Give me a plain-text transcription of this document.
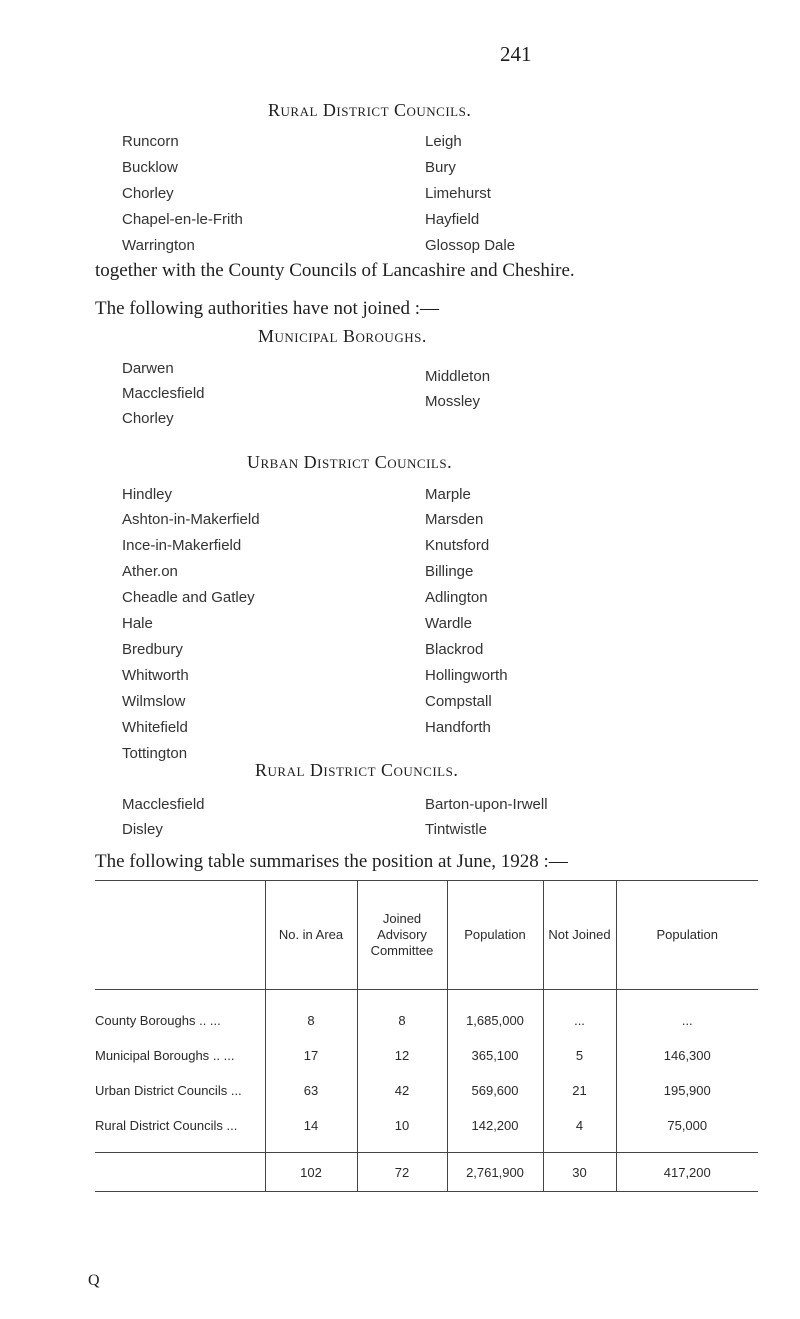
241
Rural District Councils.
Runcorn
Bucklow
Chorley
Chapel-en-le-Frith
Warrington
Leigh
Bury
Limehurst
Hayfield
Glossop Dale
together with the County Councils of Lancashire and Cheshire.
The following authorities have not joined :—
Municipal Boroughs.
Darwen
Macclesfield
Chorley
Middleton
Mossley
Urban District Councils.
Hindley
Ashton-in-Makerfield
Ince-in-Makerfield
Ather.on
Cheadle and Gatley
Hale
Bredbury
Whitworth
Wilmslow
Whitefield
Tottington
Marple
Marsden
Knutsford
Billinge
Adlington
Wardle
Blackrod
Hollingworth
Compstall
Handforth
Rural District Councils.
Macclesfield
Disley
Barton-upon-Irwell
Tintwistle
The following table summarises the position at June, 1928 :—
	No. in Area	Joined Advisory Committee	Population	Not Joined	Population
County Boroughs .. ...	8	8	1,685,000	...	...
Municipal Boroughs .. ...	17	12	365,100	5	146,300
Urban District Councils ...	63	42	569,600	21	195,900
Rural District Councils ...	14	10	142,200	4	75,000
	102	72	2,761,900	30	417,200
Q
